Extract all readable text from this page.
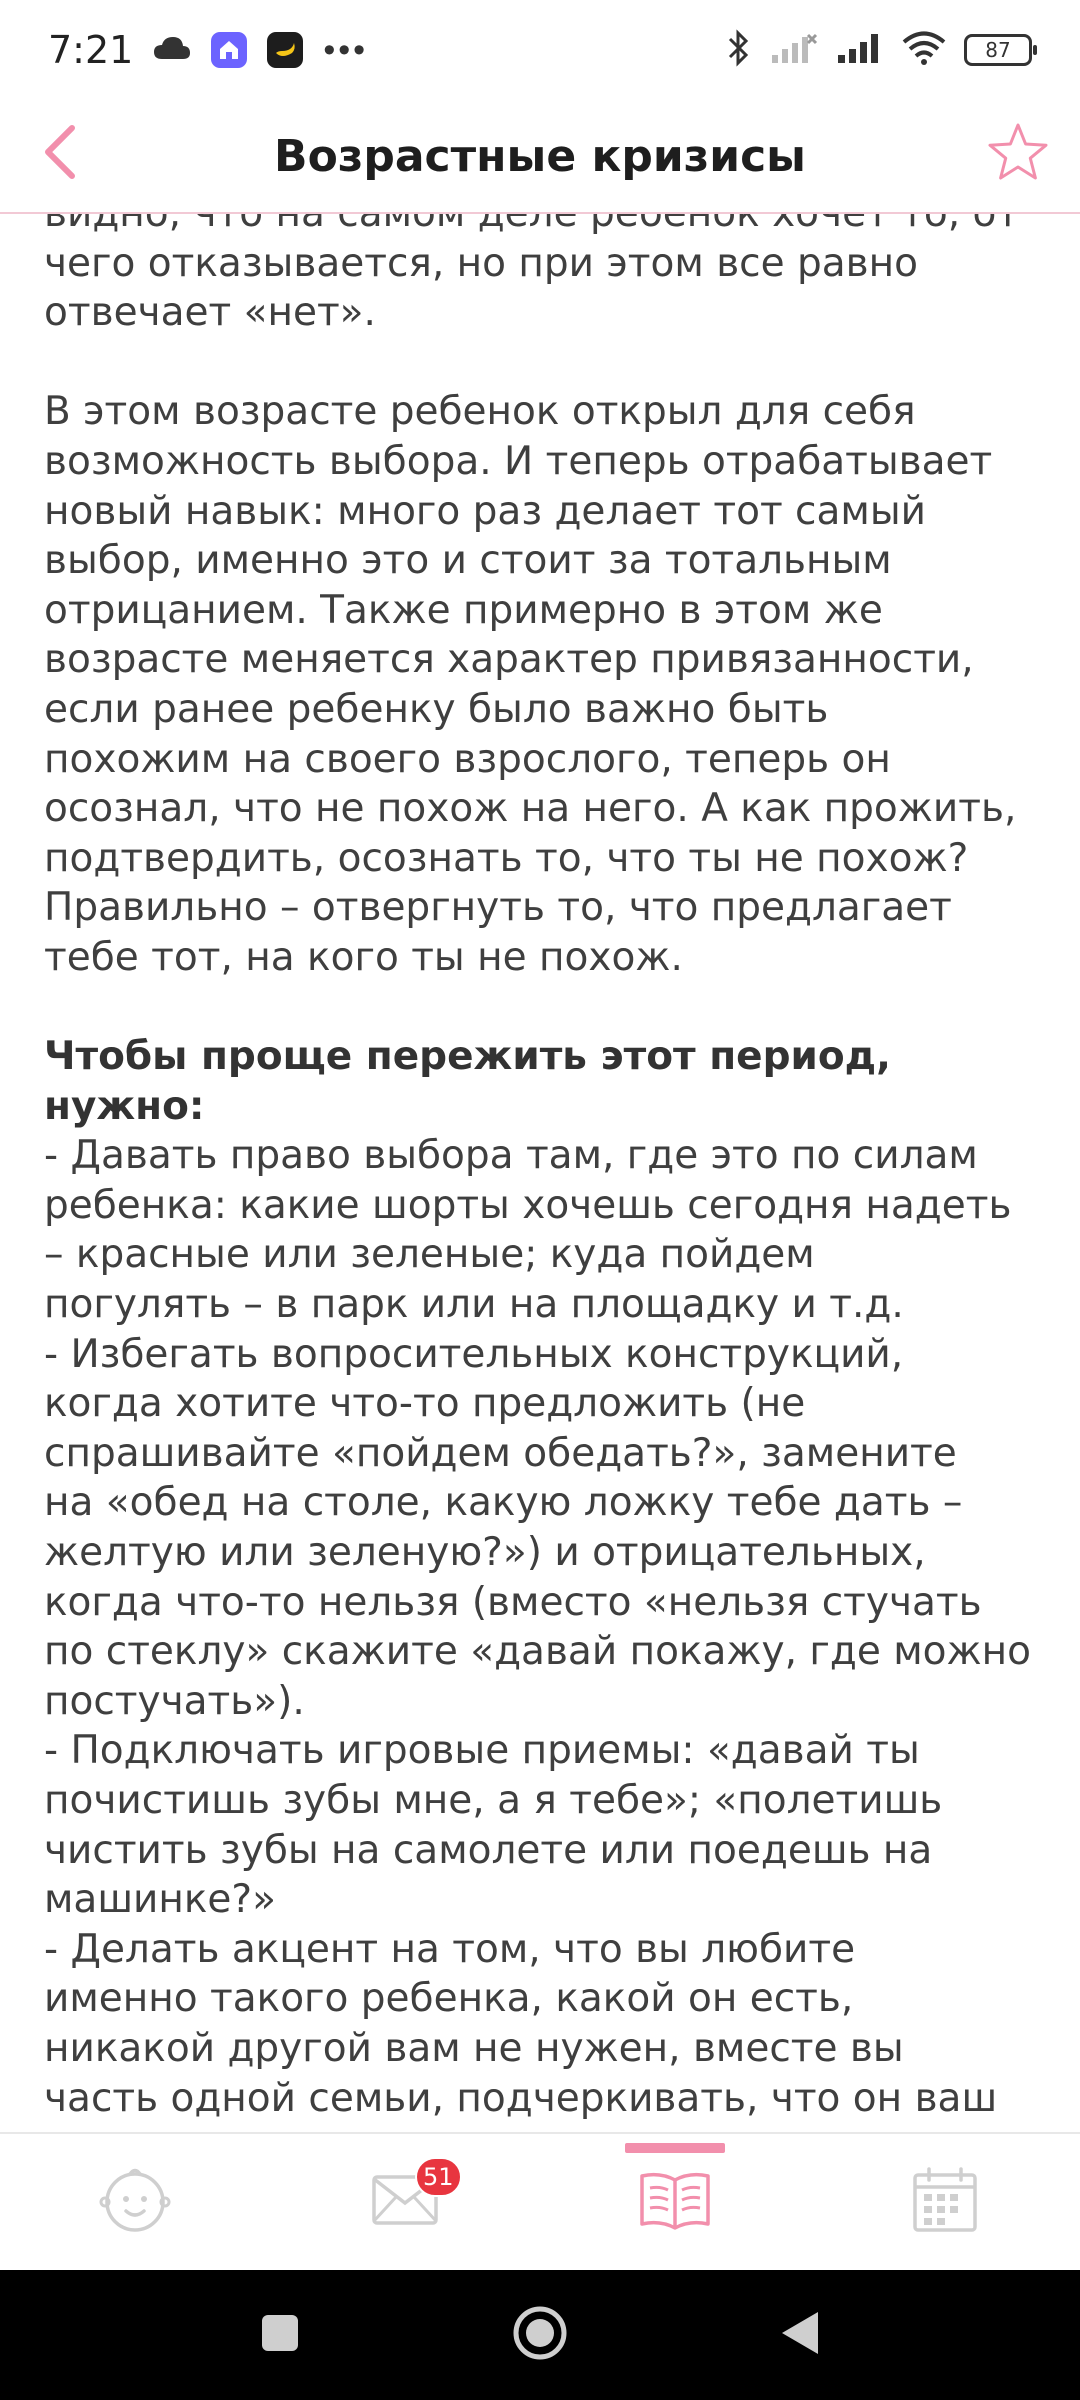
7:21	•••	87
Возрастные кризисы

чего отказывается, но при этом все равно
отвечает «нет».

В этом возрасте ребенок открыл для себя
возможность выбора. И теперь отрабатывает
новый навык: много раз делает тот самый
выбор, именно это и стоит за тотальным
отрицанием. Также примерно в этом же
возрасте меняется характер привязанности,
если ранее ребенку было важно быть
похожим на своего взрослого, теперь он
осознал, что не похож на него. А как прожить,
подтвердить, осознать то, что ты не похож?
Правильно – отвергнуть то, что предлагает
тебе тот, на кого ты не похож.

Чтобы проще пережить этот период,
нужно:

- Давать право выбора там, где это по силам
ребенка: какие шорты хочешь сегодня надеть
– красные или зеленые; куда пойдем
погулять – в парк или на площадку и т.д.

- Избегать вопросительных конструкций,
когда хотите что-то предложить (не
спрашивайте «пойдем обедать?», замените
на «обед на столе, какую ложку тебе дать –
желтую или зеленую?») и отрицательных,
когда что-то нельзя (вместо «нельзя стучать
по стеклу» скажите «давай покажу, где можно
постучать»).

- Подключать игровые приемы: «давай ты
почистишь зубы мне, а я тебе»; «полетишь
чистить зубы на самолете или поедешь на
машинке?»

- Делать акцент на том, что вы любите
именно такого ребенка, какой он есть,
никакой другой вам не нужен, вместе вы
часть одной семьи, подчеркивать, что он ваш

51
